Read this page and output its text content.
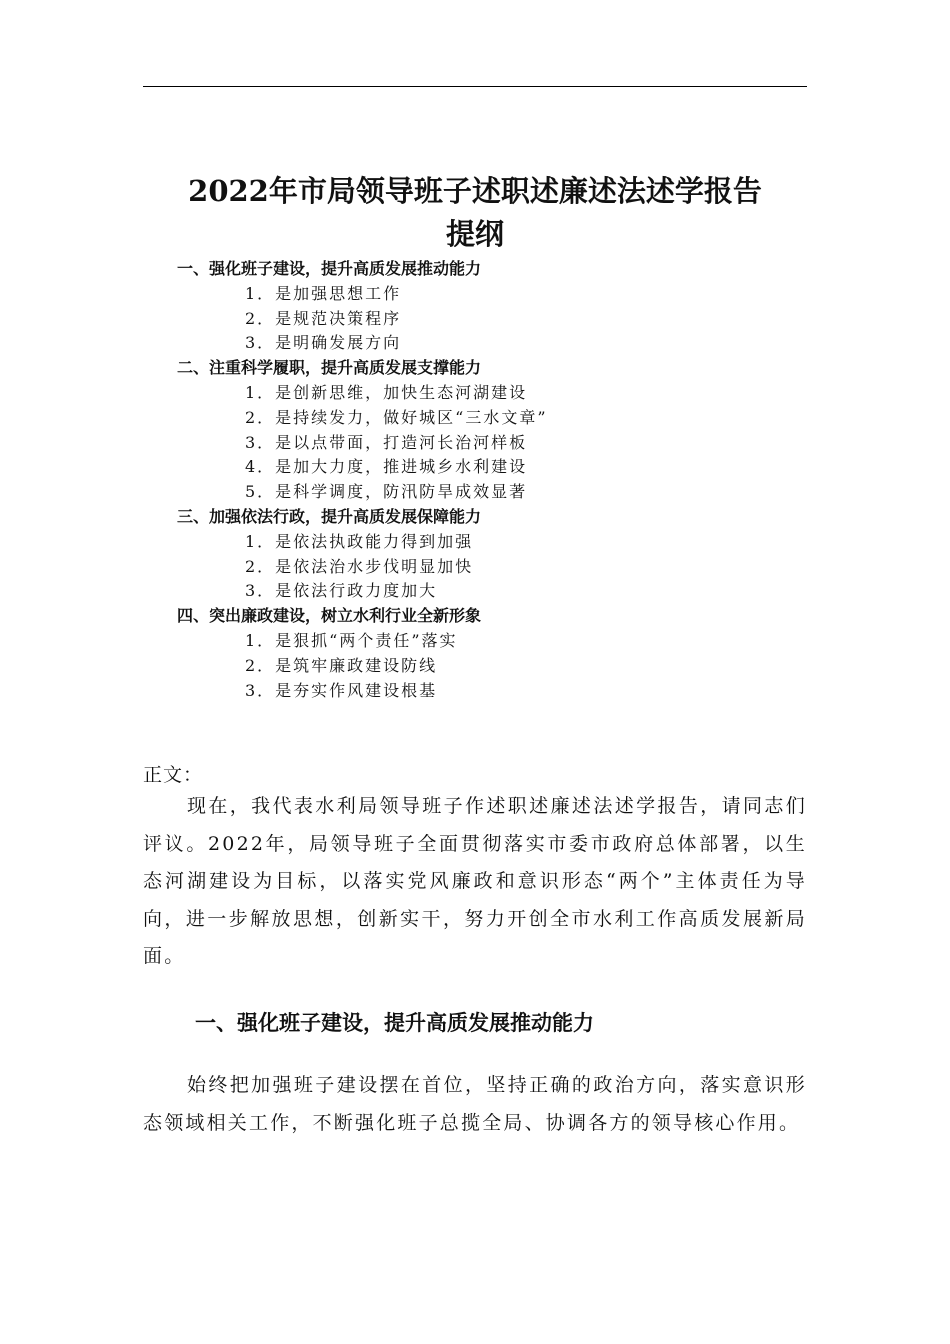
2022年市局领导班子述职述廉述法述学报告
提纲
一、强化班子建设，提升高质发展推动能力
1．是加强思想工作
2．是规范决策程序
3．是明确发展方向
二、注重科学履职，提升高质发展支撑能力
1．是创新思维，加快生态河湖建设
2．是持续发力，做好城区“三水文章”
3．是以点带面，打造河长治河样板
4．是加大力度，推进城乡水利建设
5．是科学调度，防汛防旱成效显著
三、加强依法行政，提升高质发展保障能力
1．是依法执政能力得到加强
2．是依法治水步伐明显加快
3．是依法行政力度加大
四、突出廉政建设，树立水利行业全新形象
1．是狠抓“两个责任”落实
2．是筑牢廉政建设防线
3．是夯实作风建设根基
正文：

现在，我代表水利局领导班子作述职述廉述法述学报告，请同志们评议。2022年，局领导班子全面贯彻落实市委市政府总体部署，以生态河湖建设为目标，以落实党风廉政和意识形态“两个”主体责任为导向，进一步解放思想，创新实干，努力开创全市水利工作高质发展新局面。

一、强化班子建设，提升高质发展推动能力

始终把加强班子建设摆在首位，坚持正确的政治方向，落实意识形态领域相关工作，不断强化班子总揽全局、协调各方的领导核心作用。
